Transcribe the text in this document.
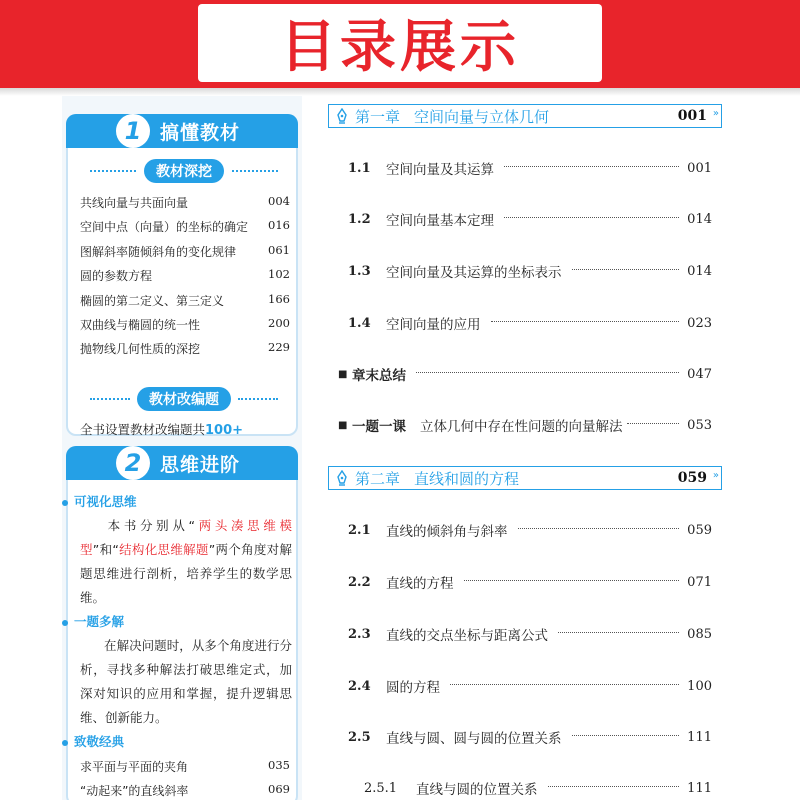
目录展示
1 搞懂教材
教材深挖
共线向量与共面向量	004
空间中点（向量）的坐标的确定 016
图解斜率随倾斜角的变化规律	061
圆的参数方程	102
椭圆的第二定义、第三定义	166
双曲线与椭圆的统一性	200
抛物线几何性质的深挖	229
教材改编题
全书设置教材改编题共100+
2 思维进阶
可视化思维
本书分别从“两头凑思维模型”和“结构化思维解题”两个角度对解题思维进行剖析，培养学生的数学思维。
一题多解
在解决问题时，从多个角度进行分析，寻找多种解法打破思维定式，加深对知识的应用和掌握，提升逻辑思维、创新能力。
致敬经典
求平面与平面的夹角	035
“动起来”的直线斜率	069
第一章 空间向量与立体几何	001 »
1.1	空间向量及其运算	001
1.2	空间向量基本定理	014
1.3	空间向量及其运算的坐标表示	014
1.4	空间向量的应用	023
■ 章末总结	047
■ 一题一课 立体几何中存在性问题的向量解法	053
第二章 直线和圆的方程	059 »
2.1	直线的倾斜角与斜率	059
2.2	直线的方程	071
2.3	直线的交点坐标与距离公式	085
2.4	圆的方程	100
2.5	直线与圆、圆与圆的位置关系	111
2.5.1	直线与圆的位置关系	111
